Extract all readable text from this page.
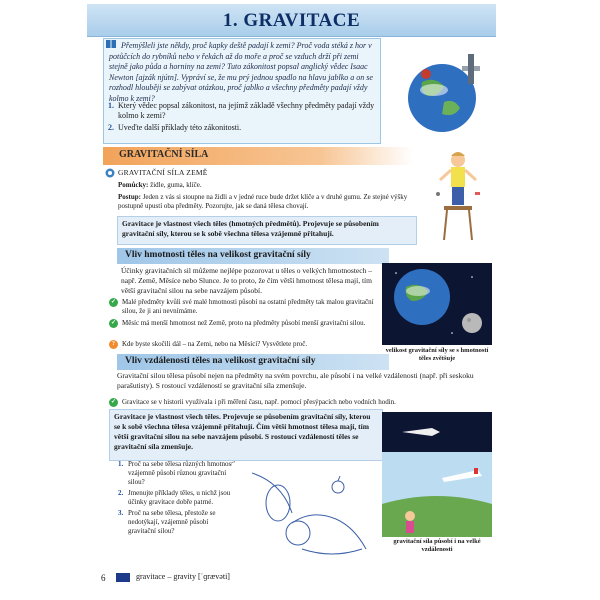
1. GRAVITACE
Přemýšleli jste někdy, proč kapky deště padají k zemi? Proč voda stéká z hor v potůčcích do rybníků nebo v řekách až do moře a proč se vzduch drží při zemi stejně jako půda a horniny na zemi? Tuto zákonitost popsal anglický vědec Isaac Newton [ajzák njútn]. Vypráví se, že mu prý jednou spadlo na hlavu jablko a on se rozhodl hlouběji se zabývat otázkou, proč jablko a všechny předměty padají vždy kolmo k zemi?
1. Který vědec popsal zákonitost, na jejímž základě všechny předměty padají vždy kolmo k zemi?
2. Uveďte další příklady této zákonitosti.
GRAVITAČNÍ SÍLA
GRAVITAČNÍ SÍLA ZEMĚ
Pomůcky: židle, guma, klíče.
Postup: Jeden z vás si stoupne na židli a v jedné ruce bude držet klíče a v druhé gumu. Ze stejné výšky postupně upustí oba předměty. Pozorujte, jak se daná tělesa chovají.
Gravitace je vlastnost všech těles (hmotných předmětů). Projevuje se působením gravitační síly, kterou se k sobě všechna tělesa vzájemně přitahují.
Vliv hmotnosti těles na velikost gravitační síly
Účinky gravitačních sil můžeme nejlépe pozorovat u těles o velkých hmotnostech – např. Země, Měsíce nebo Slunce. Je to proto, že čím větší hmotnost tělesa mají, tím větší gravitační silou na sebe navzájem působí.
✓ Malé předměty kvůli své malé hmotnosti působí na ostatní předměty tak malou gravitační silou, že ji ani nevnímáme.
✓ Měsíc má menší hmotnost než Země, proto na předměty působí menší gravitační silou.
?	Kde byste skočili dál – na Zemi, nebo na Měsíci? Vysvětlete proč.
velikost gravitační síly se s hmotností těles zvětšuje
Vliv vzdálenosti těles na velikost gravitační síly
Gravitační silou tělesa působí nejen na předměty na svém povrchu, ale působí i na velké vzdálenosti (např. při seskoku parašutisty). S rostoucí vzdáleností se gravitační síla zmenšuje.
✓ Gravitace se v historii využívala i při měření času, např. pomocí přesýpacích nebo vodních hodin.
Gravitace je vlastnost všech těles. Projevuje se působením gravitační síly, kterou se k sobě všechna tělesa vzájemně přitahují. Čím větší hmotnost tělesa mají, tím větší gravitační silou na sebe navzájem působí. S rostoucí vzdáleností těles se gravitační síla zmenšuje.
1. Proč na sebe tělesa různých hmotností vzájemně působí různou gravitační silou?
2. Jmenujte příklady těles, u nichž jsou účinky gravitace dobře patrné.
3. Proč na sebe tělesa, přestože se nedotýkají, vzájemně působí gravitační silou?
gravitační síla působí i na velké vzdálenosti
6	gravitace – gravity [ˈɡrævəti]
